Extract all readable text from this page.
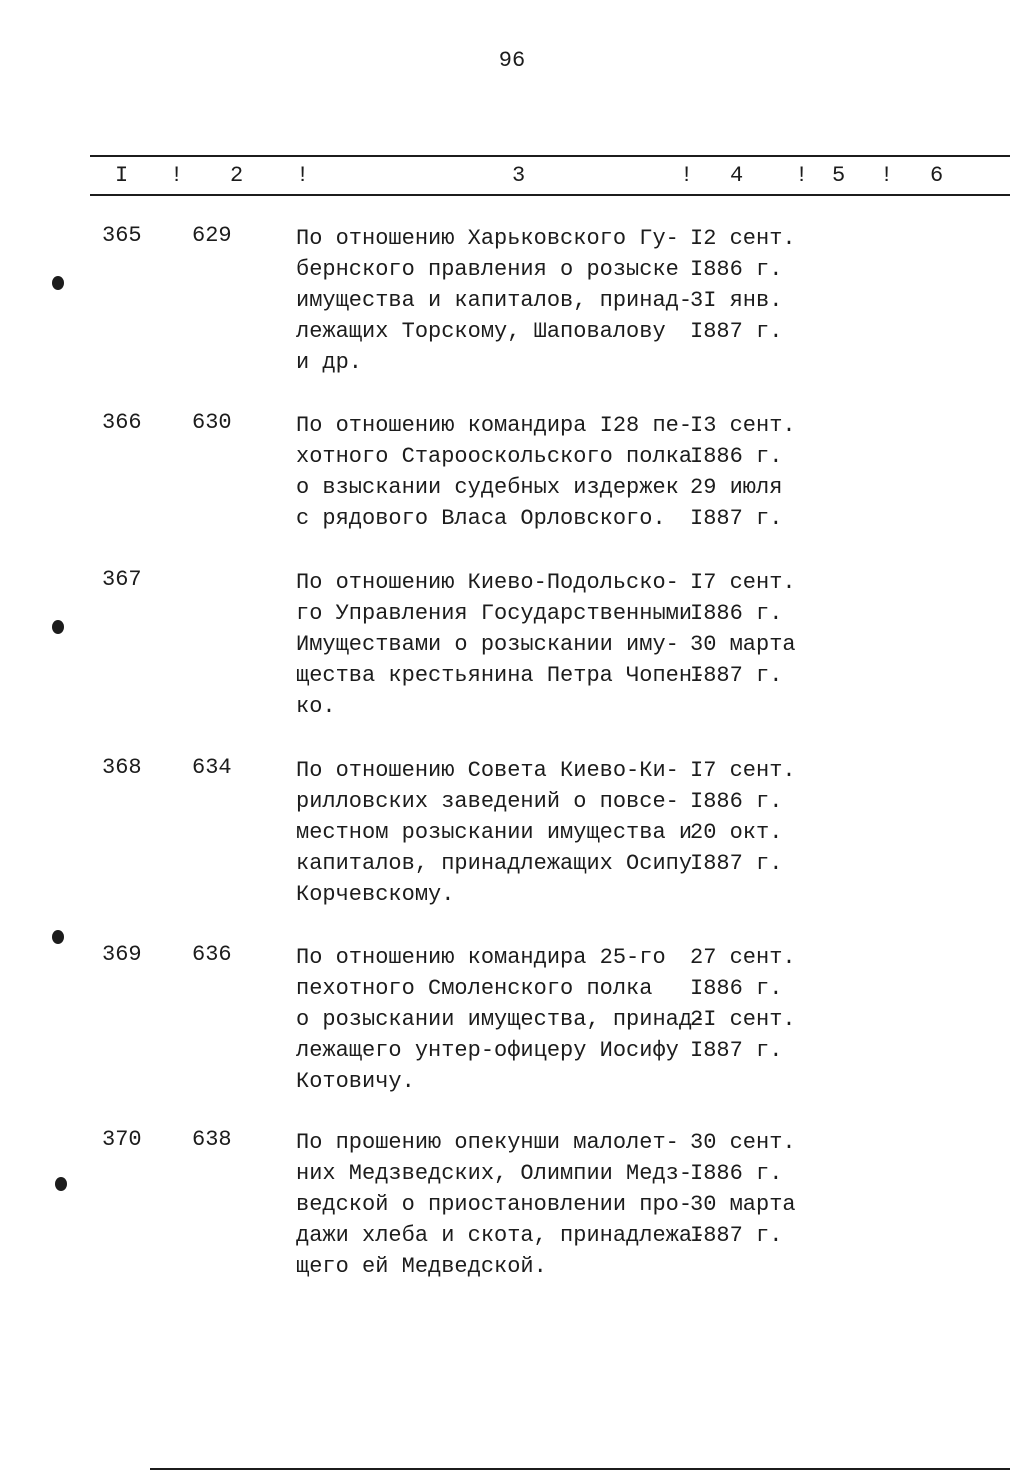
96
I ! 2 !	3	! 4 ! 5 ! 6
365 629	По отношению Харьковского Гу-
бернского правления о розыске
имущества и капиталов, принад-
лежащих Торскому, Шаповалову
и др.
I2 сент.
I886 г.
3I янв.
I887 г.
366 630	По отношению командира I28 пе-
хотного Старооскольского полка
о взыскании судебных издержек
с рядового Власа Орловского.
I3 сент.
I886 г.
29 июля
I887 г.
367	По отношению Киево-Подольско-
го Управления Государственными
Имуществами о розыскании иму-
щества крестьянина Петра Чопен-
ко.
I7 сент.
I886 г.
30 марта
I887 г.
368 634	По отношению Совета Киево-Ки-
рилловских заведений о повсе-
местном розыскании имущества и
капиталов, принадлежащих Осипу
Корчевскому.
I7 сент.
I886 г.
20 окт.
I887 г.
369 636	По отношению командира 25-го
пехотного Смоленского полка
о розыскании имущества, принад-
лежащего унтер-офицеру Иосифу
Котовичу.
27 сент.
I886 г.
2I сент.
I887 г.
370 638	По прошению опекунши малолет-
них Медзведских, Олимпии Медз-
ведской о приостановлении про-
дажи хлеба и скота, принадлежа-
щего ей Медведской.
30 сент.
I886 г.
30 марта
I887 г.
